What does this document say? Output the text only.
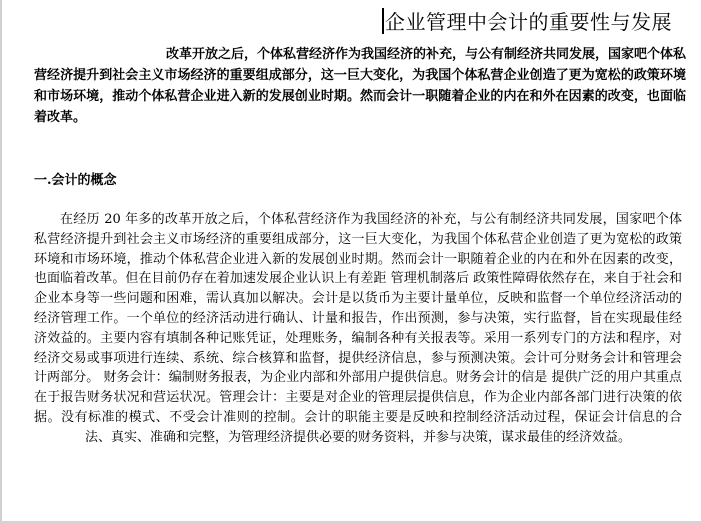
企业管理中会计的重要性与发展
改革开放之后，个体私营经济作为我国经济的补充，与公有制经济共同发展，国家吧个体私营经济提升到社会主义市场经济的重要组成部分，这一巨大变化，为我国个体私营企业创造了更为宽松的政策环境和市场环境，推动个体私营企业进入新的发展创业时期。然而会计一职随着企业的内在和外在因素的改变，也面临着改革。
一.会计的概念
在经历 20 年多的改革开放之后，个体私营经济作为我国经济的补充，与公有制经济共同发展，国家吧个体私营经济提升到社会主义市场经济的重要组成部分，这一巨大变化，为我国个体私营企业创造了更为宽松的政策环境和市场环境，推动个体私营企业进入新的发展创业时期。然而会计一职随着企业的内在和外在因素的改变，也面临着改革。但在目前仍存在着加速发展企业认识上有差距 管理机制落后 政策性障碍依然存在，来自于社会和企业本身等一些问题和困难，需认真加以解决。会计是以货币为主要计量单位，反映和监督一个单位经济活动的经济管理工作。一个单位的经济活动进行确认、计量和报告，作出预测，参与决策，实行监督，旨在实现最佳经济效益的。主要内容有填制各种记账凭证，处理账务，编制各种有关报表等。采用一系列专门的方法和程序，对经济交易或事项进行连续、系统、综合核算和监督，提供经济信息，参与预测决策。会计可分财务会计和管理会计两部分。 财务会计：编制财务报表，为企业内部和外部用户提供信息。财务会计的信是 提供广泛的用户其重点在于报告财务状况和营运状况。管理会计：主要是对企业的管理层提供信息，作为企业内部各部门进行决策的依据。没有标准的模式、不受会计准则的控制。会计的职能主要是反映和控制经济活动过程，保证会计信息的合法、真实、准确和完整，为管理经济提供必要的财务资料，并参与决策，谋求最佳的经济效益。
